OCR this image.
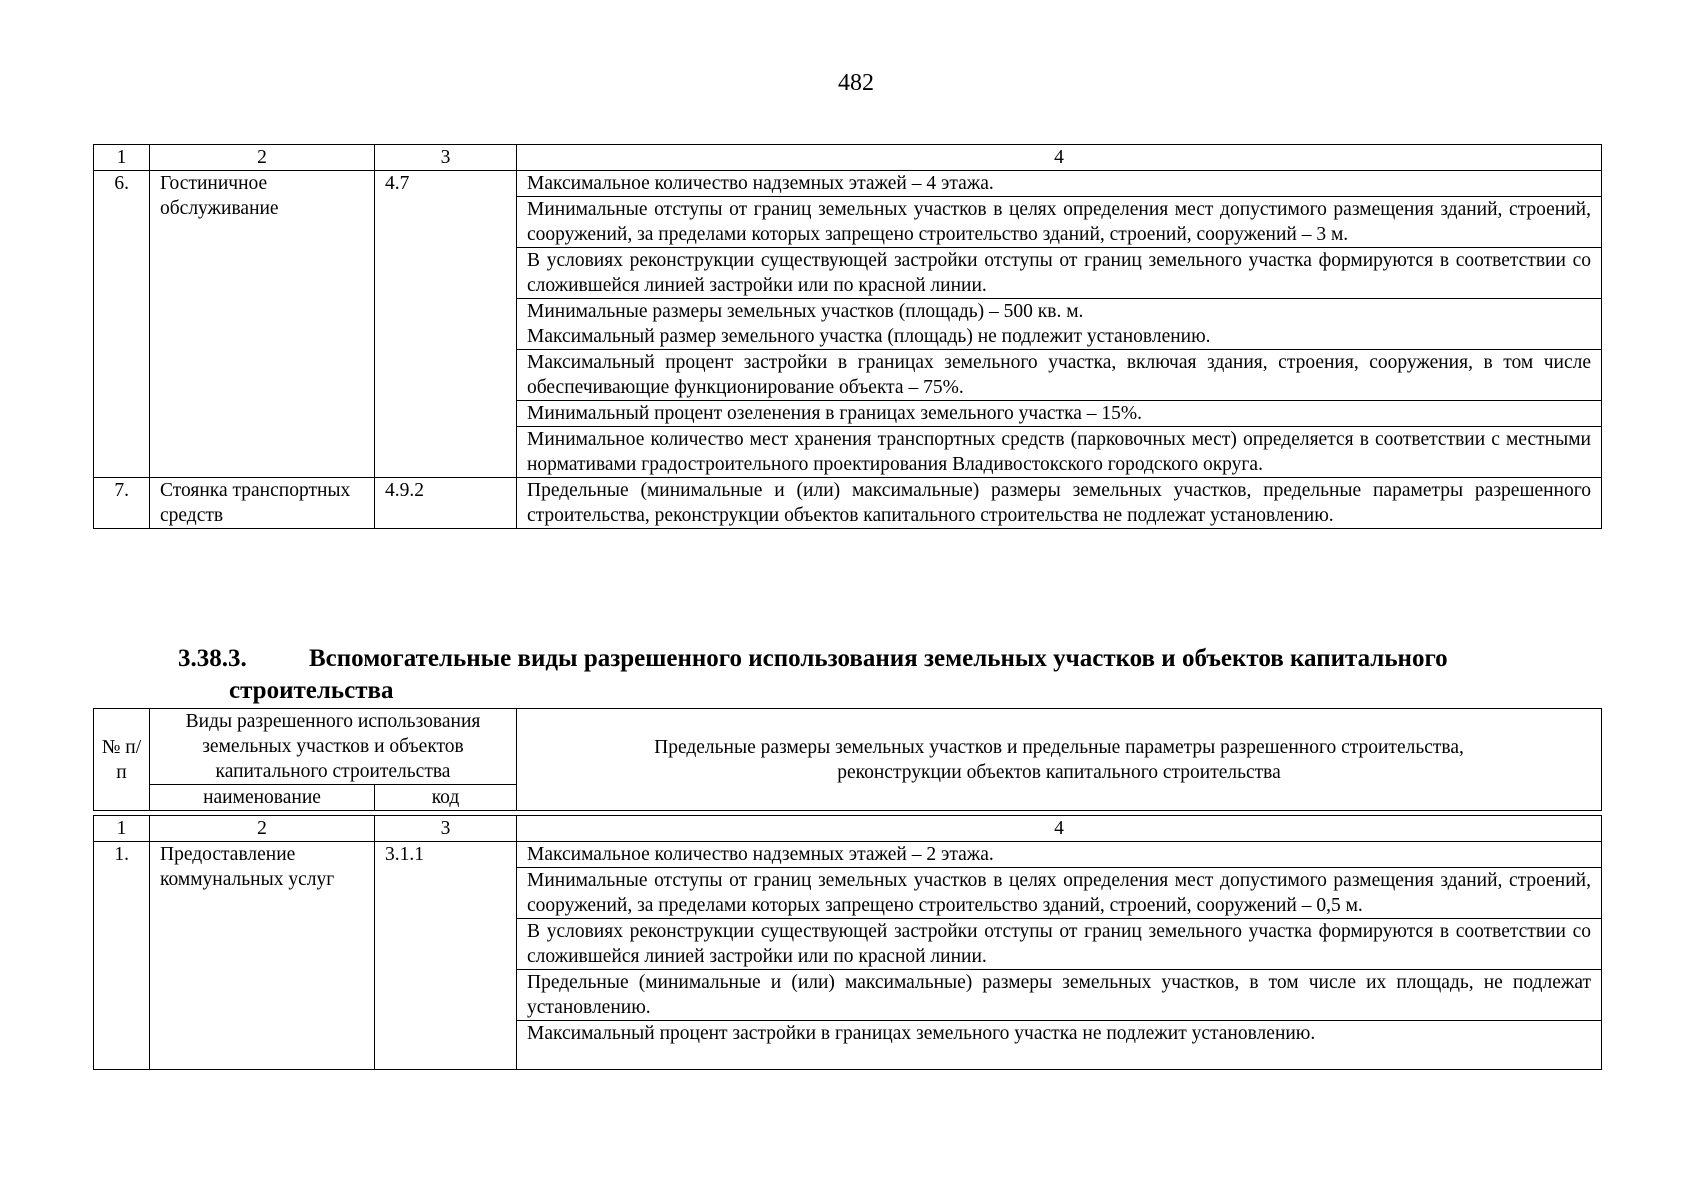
482
1	2	3	4
6.	Гостиничное обслуживание	4.7	Максимальное количество надземных этажей – 4 этажа.
			Минимальные отступы от границ земельных участков в целях определения мест допустимого размещения зданий, строений, сооружений, за пределами которых запрещено строительство зданий, строений, сооружений – 3 м.
			В условиях реконструкции существующей застройки отступы от границ земельного участка формируются в соответствии со сложившейся линией застройки или по красной линии.

			Минимальные размеры земельных участков (площадь) – 500 кв. м.
Максимальный размер земельного участка (площадь) не подлежит установлению.

			Максимальный процент застройки в границах земельного участка, включая здания, строения, сооружения, в том числе обеспечивающие функционирование объекта – 75%.
			Минимальный процент озеленения в границах земельного участка – 15%.
			Минимальное количество мест хранения транспортных средств (парковочных мест) определяется в соответствии с местными нормативами градостроительного проектирования Владивостокского городского округа.
7.	Стоянка транспортных средств	4.9.2	Предельные (минимальные и (или) максимальные) размеры земельных участков, предельные параметры разрешенного строительства, реконструкции объектов капитального строительства не подлежат установлению.
3.38.3. Вспомогательные виды разрешенного использования земельных участков и объектов капитального
строительства
№ п/п	Виды разрешенного использования земельных участков и объектов капитального строительства		Предельные размеры земельных участков и предельные параметры разрешенного строительства, реконструкции объектов капитального строительства
	наименование	код	
1	2	3	4
1.	Предоставление коммунальных услуг	3.1.1	Максимальное количество надземных этажей – 2 этажа.
			Минимальные отступы от границ земельных участков в целях определения мест допустимого размещения зданий, строений, сооружений, за пределами которых запрещено строительство зданий, строений, сооружений – 0,5 м.
			В условиях реконструкции существующей застройки отступы от границ земельного участка формируются в соответствии со сложившейся линией застройки или по красной линии.
			Предельные (минимальные и (или) максимальные) размеры земельных участков, в том числе их площадь, не подлежат установлению.
			Максимальный процент застройки в границах земельного участка не подлежит установлению.
